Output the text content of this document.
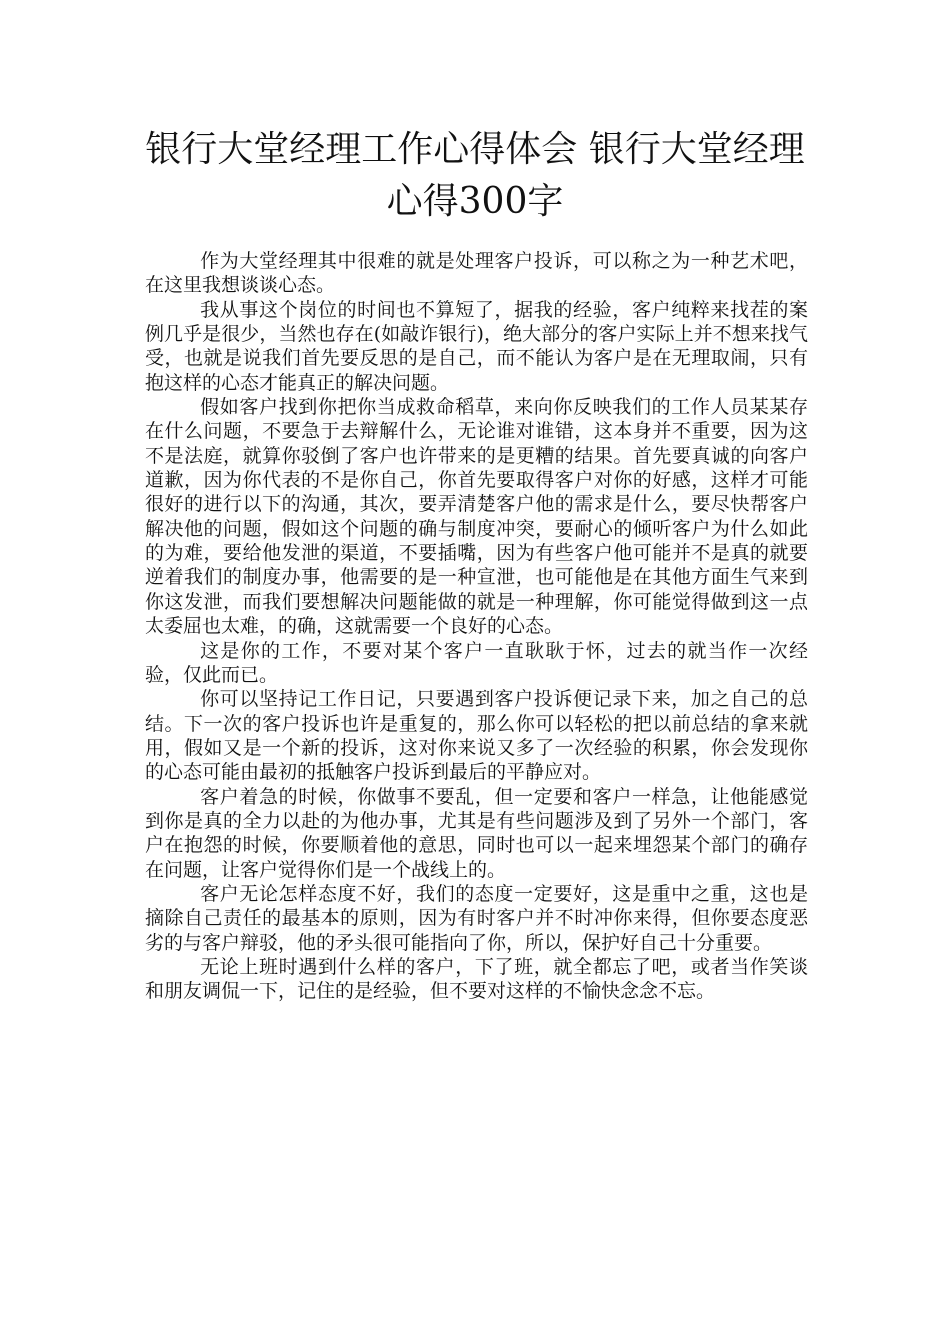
银行大堂经理工作心得体会 银行大堂经理
心得300字

作为大堂经理其中很难的就是处理客户投诉，可以称之为一种艺术吧，在这里我想谈谈心态。

我从事这个岗位的时间也不算短了，据我的经验，客户纯粹来找茬的案例几乎是很少，当然也存在(如敲诈银行)，绝大部分的客户实际上并不想来找气受，也就是说我们首先要反思的是自己，而不能认为客户是在无理取闹，只有抱这样的心态才能真正的解决问题。

假如客户找到你把你当成救命稻草，来向你反映我们的工作人员某某存在什么问题，不要急于去辩解什么，无论谁对谁错，这本身并不重要，因为这不是法庭，就算你驳倒了客户也许带来的是更糟的结果。首先要真诚的向客户道歉，因为你代表的不是你自己，你首先要取得客户对你的好感，这样才可能很好的进行以下的沟通，其次，要弄清楚客户他的需求是什么，要尽快帮客户解决他的问题，假如这个问题的确与制度冲突，要耐心的倾听客户为什么如此的为难，要给他发泄的渠道，不要插嘴，因为有些客户他可能并不是真的就要逆着我们的制度办事，他需要的是一种宣泄，也可能他是在其他方面生气来到你这发泄，而我们要想解决问题能做的就是一种理解，你可能觉得做到这一点太委屈也太难，的确，这就需要一个良好的心态。

这是你的工作，不要对某个客户一直耿耿于怀，过去的就当作一次经验，仅此而已。

你可以坚持记工作日记，只要遇到客户投诉便记录下来，加之自己的总结。下一次的客户投诉也许是重复的，那么你可以轻松的把以前总结的拿来就用，假如又是一个新的投诉，这对你来说又多了一次经验的积累，你会发现你的心态可能由最初的抵触客户投诉到最后的平静应对。

客户着急的时候，你做事不要乱，但一定要和客户一样急，让他能感觉到你是真的全力以赴的为他办事，尤其是有些问题涉及到了另外一个部门，客户在抱怨的时候，你要顺着他的意思，同时也可以一起来埋怨某个部门的确存在问题，让客户觉得你们是一个战线上的。

客户无论怎样态度不好，我们的态度一定要好，这是重中之重，这也是摘除自己责任的最基本的原则，因为有时客户并不时冲你来得，但你要态度恶劣的与客户辩驳，他的矛头很可能指向了你，所以，保护好自己十分重要。

无论上班时遇到什么样的客户，下了班，就全都忘了吧，或者当作笑谈和朋友调侃一下，记住的是经验，但不要对这样的不愉快念念不忘。
